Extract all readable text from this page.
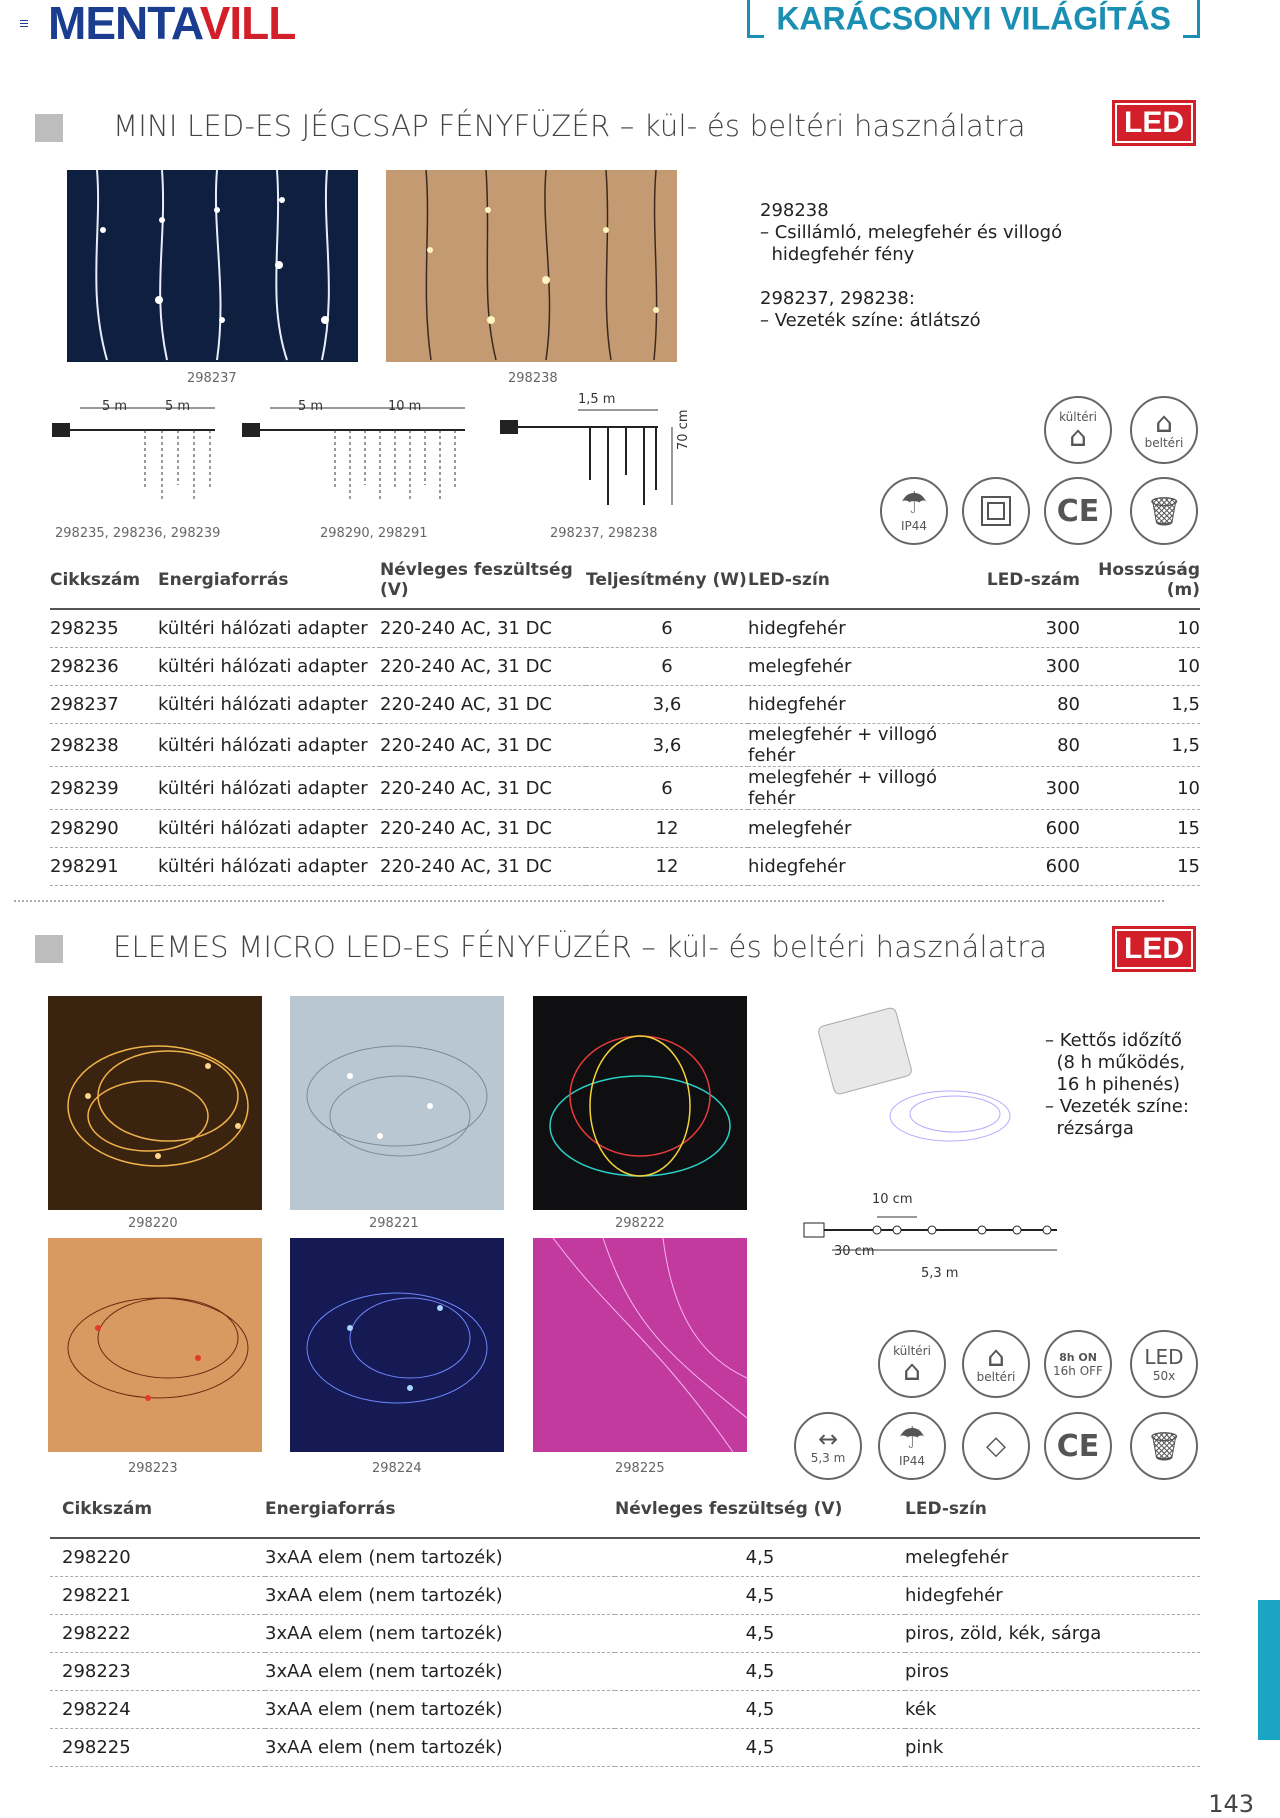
MENTAVILL	KARÁCSONYI VILÁGÍTÁS
MINI LED-ES JÉGCSAP FÉNYFÜZÉR – kül- és beltéri használatra	LED
298237	298238
298238
– Csillámló, melegfehér és villogó
hidegfehér fény
298237, 298238:
– Vezeték színe: átlátszó
5 m	5 m
298235, 298236, 298239
5 m	10 m
298290, 298291
1,5 m
70 cm
298237, 298238
kültéri
⌂ ⌂
beltéri
☂
IP44	CE	🗑
Cikkszám	Energiaforrás	Névleges feszültség (V)	Teljesítmény (W)	LED-szín	LED-szám	Hosszúság (m)
298235	kültéri hálózati adapter	220-240 AC, 31 DC	6	hidegfehér	300	10
298236	kültéri hálózati adapter	220-240 AC, 31 DC	6	melegfehér	300	10
298237	kültéri hálózati adapter	220-240 AC, 31 DC	3,6	hidegfehér	80	1,5
298238	kültéri hálózati adapter	220-240 AC, 31 DC	3,6	melegfehér + villogó fehér	80	1,5
298239	kültéri hálózati adapter	220-240 AC, 31 DC	6	melegfehér + villogó fehér	300	10
298290	kültéri hálózati adapter	220-240 AC, 31 DC	12	melegfehér	600	15
298291	kültéri hálózati adapter	220-240 AC, 31 DC	12	hidegfehér	600	15
ELEMES MICRO LED-ES FÉNYFÜZÉR – kül- és beltéri használatra	LED
298220	298221	298222
298223	298224	298225
– Kettős időzítő
(8 h működés,
16 h pihenés)
– Vezeték színe:
rézsárga
10 cm
30 cm
5,3 m
kültéri
⌂ ⌂
beltéri
8h ON
16h OFF
LED
50x
↔
5,3 m
☂
IP44	◇	CE	🗑
Cikkszám	Energiaforrás	Névleges feszültség (V)	LED-szín
298220	3xAA elem (nem tartozék)	4,5	melegfehér
298221	3xAA elem (nem tartozék)	4,5	hidegfehér
298222	3xAA elem (nem tartozék)	4,5	piros, zöld, kék, sárga
298223	3xAA elem (nem tartozék)	4,5	piros
298224	3xAA elem (nem tartozék)	4,5	kék
298225	3xAA elem (nem tartozék)	4,5	pink
143
